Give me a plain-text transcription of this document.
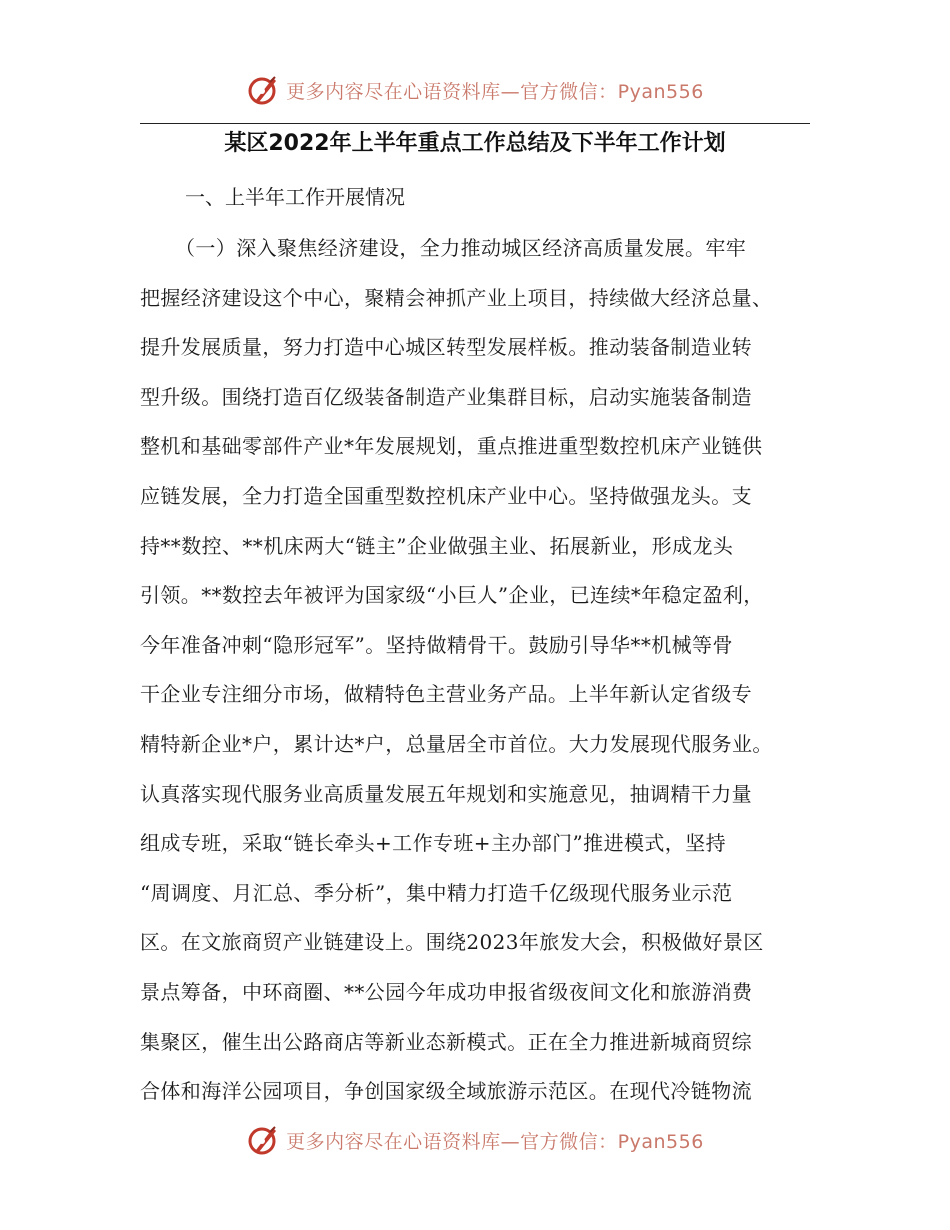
更多内容尽在心语资料库—官方微信：Pyan556
某区2022年上半年重点工作总结及下半年工作计划
一、上半年工作开展情况
（一）深入聚焦经济建设，全力推动城区经济高质量发展。牢牢
把握经济建设这个中心，聚精会神抓产业上项目，持续做大经济总量、
提升发展质量，努力打造中心城区转型发展样板。推动装备制造业转
型升级。围绕打造百亿级装备制造产业集群目标，启动实施装备制造
整机和基础零部件产业*年发展规划，重点推进重型数控机床产业链供
应链发展，全力打造全国重型数控机床产业中心。坚持做强龙头。支
持**数控、**机床两大“链主”企业做强主业、拓展新业，形成龙头
引领。**数控去年被评为国家级“小巨人”企业，已连续*年稳定盈利，
今年准备冲刺“隐形冠军”。坚持做精骨干。鼓励引导华**机械等骨
干企业专注细分市场，做精特色主营业务产品。上半年新认定省级专
精特新企业*户，累计达*户，总量居全市首位。大力发展现代服务业。
认真落实现代服务业高质量发展五年规划和实施意见，抽调精干力量
组成专班，采取“链长牵头+工作专班+主办部门”推进模式，坚持
“周调度、月汇总、季分析”，集中精力打造千亿级现代服务业示范
区。在文旅商贸产业链建设上。围绕2023年旅发大会，积极做好景区
景点筹备，中环商圈、**公园今年成功申报省级夜间文化和旅游消费
集聚区，催生出公路商店等新业态新模式。正在全力推进新城商贸综
合体和海洋公园项目，争创国家级全域旅游示范区。在现代冷链物流
更多内容尽在心语资料库—官方微信：Pyan556
